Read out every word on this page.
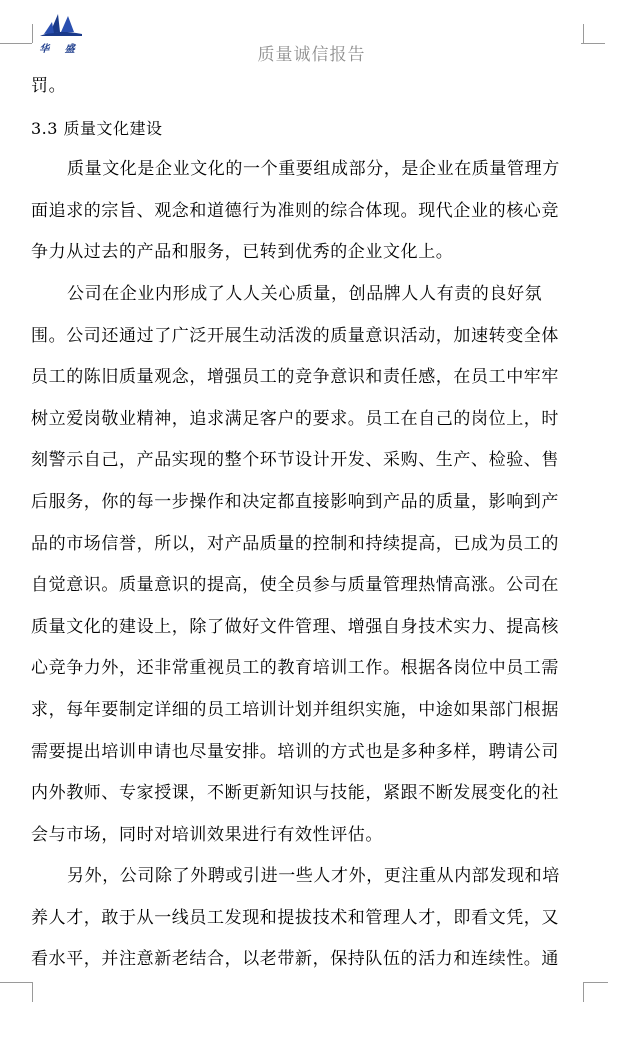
华 盛	质量诚信报告
罚。
3.3 质量文化建设
质量文化是企业文化的一个重要组成部分，是企业在质量管理方
面追求的宗旨、观念和道德行为准则的综合体现。现代企业的核心竞
争力从过去的产品和服务，已转到优秀的企业文化上。
公司在企业内形成了人人关心质量，创品牌人人有责的良好氛
围。公司还通过了广泛开展生动活泼的质量意识活动，加速转变全体
员工的陈旧质量观念，增强员工的竞争意识和责任感，在员工中牢牢
树立爱岗敬业精神，追求满足客户的要求。员工在自己的岗位上，时
刻警示自己，产品实现的整个环节设计开发、采购、生产、检验、售
后服务，你的每一步操作和决定都直接影响到产品的质量，影响到产
品的市场信誉，所以，对产品质量的控制和持续提高，已成为员工的
自觉意识。质量意识的提高，使全员参与质量管理热情高涨。公司在
质量文化的建设上，除了做好文件管理、增强自身技术实力、提高核
心竞争力外，还非常重视员工的教育培训工作。根据各岗位中员工需
求，每年要制定详细的员工培训计划并组织实施，中途如果部门根据
需要提出培训申请也尽量安排。培训的方式也是多种多样，聘请公司
内外教师、专家授课，不断更新知识与技能，紧跟不断发展变化的社
会与市场，同时对培训效果进行有效性评估。
另外，公司除了外聘或引进一些人才外，更注重从内部发现和培
养人才，敢于从一线员工发现和提拔技术和管理人才，即看文凭，又
看水平，并注意新老结合，以老带新，保持队伍的活力和连续性。通
